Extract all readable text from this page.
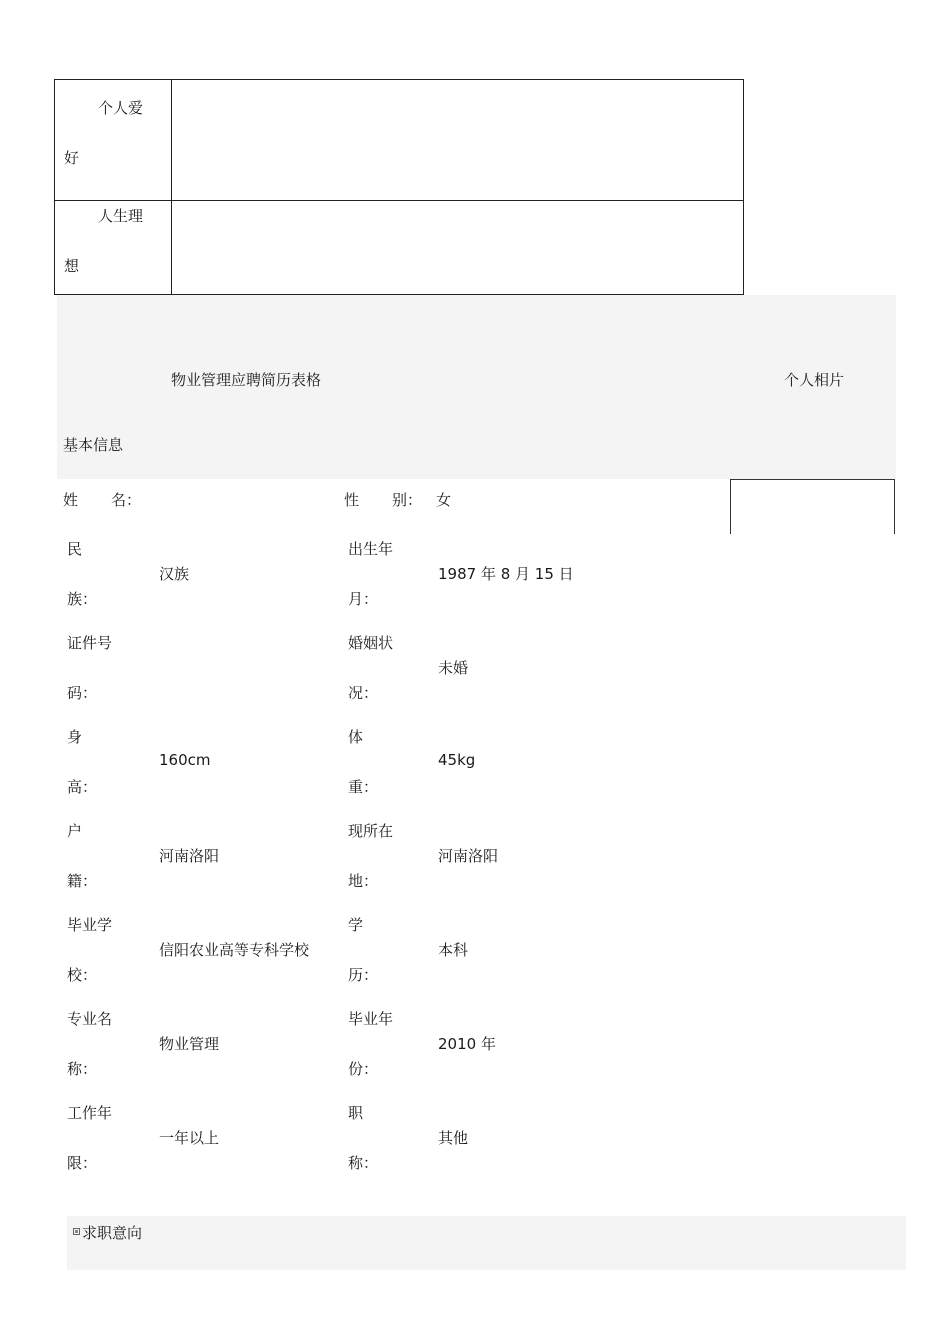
个人爱
好
人生理
想
物业管理应聘简历表格	个人相片
基本信息
姓 名：	性 别： 女
民
族：
汉族
出生年
月：
1987 年 8 月 15 日
证件号
码：
婚姻状
况：
未婚
身
高：
160cm
体
重：
45kg
户
籍：
河南洛阳
现所在
地：
河南洛阳
毕业学
校：
信阳农业高等专科学校
学
历：
本科
专业名
称：
物业管理
毕业年
份：
2010 年
工作年
限：
一年以上
职
称：
其他
求职意向
